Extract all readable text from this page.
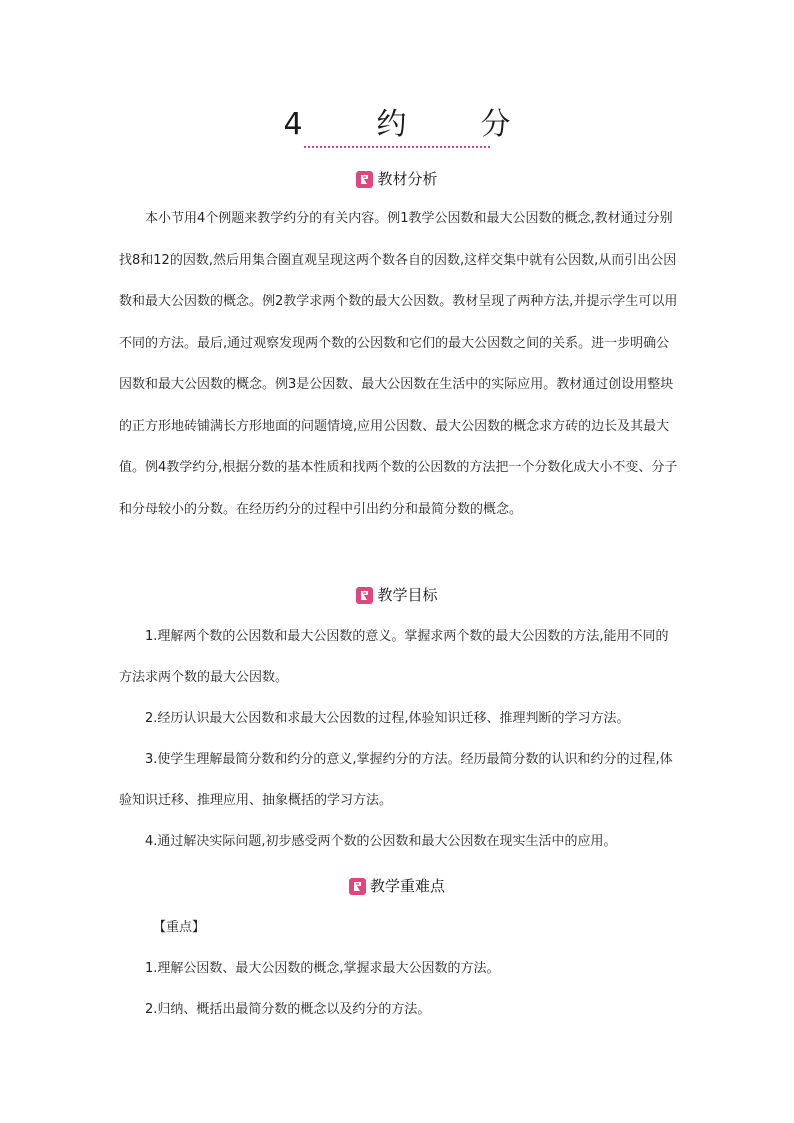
4　约　分
教材分析

本小节用4个例题来教学约分的有关内容。例1教学公因数和最大公因数的概念,教材通过分别找8和12的因数,然后用集合圈直观呈现这两个数各自的因数,这样交集中就有公因数,从而引出公因数和最大公因数的概念。例2教学求两个数的最大公因数。教材呈现了两种方法,并提示学生可以用不同的方法。最后,通过观察发现两个数的公因数和它们的最大公因数之间的关系。进一步明确公因数和最大公因数的概念。例3是公因数、最大公因数在生活中的实际应用。教材通过创设用整块的正方形地砖铺满长方形地面的问题情境,应用公因数、最大公因数的概念求方砖的边长及其最大值。例4教学约分,根据分数的基本性质和找两个数的公因数的方法把一个分数化成大小不变、分子和分母较小的分数。在经历约分的过程中引出约分和最简分数的概念。

教学目标

1.理解两个数的公因数和最大公因数的意义。掌握求两个数的最大公因数的方法,能用不同的方法求两个数的最大公因数。

2.经历认识最大公因数和求最大公因数的过程,体验知识迁移、推理判断的学习方法。

3.使学生理解最简分数和约分的意义,掌握约分的方法。经历最简分数的认识和约分的过程,体验知识迁移、推理应用、抽象概括的学习方法。

4.通过解决实际问题,初步感受两个数的公因数和最大公因数在现实生活中的应用。

教学重难点

【重点】

1.理解公因数、最大公因数的概念,掌握求最大公因数的方法。

2.归纳、概括出最简分数的概念以及约分的方法。
